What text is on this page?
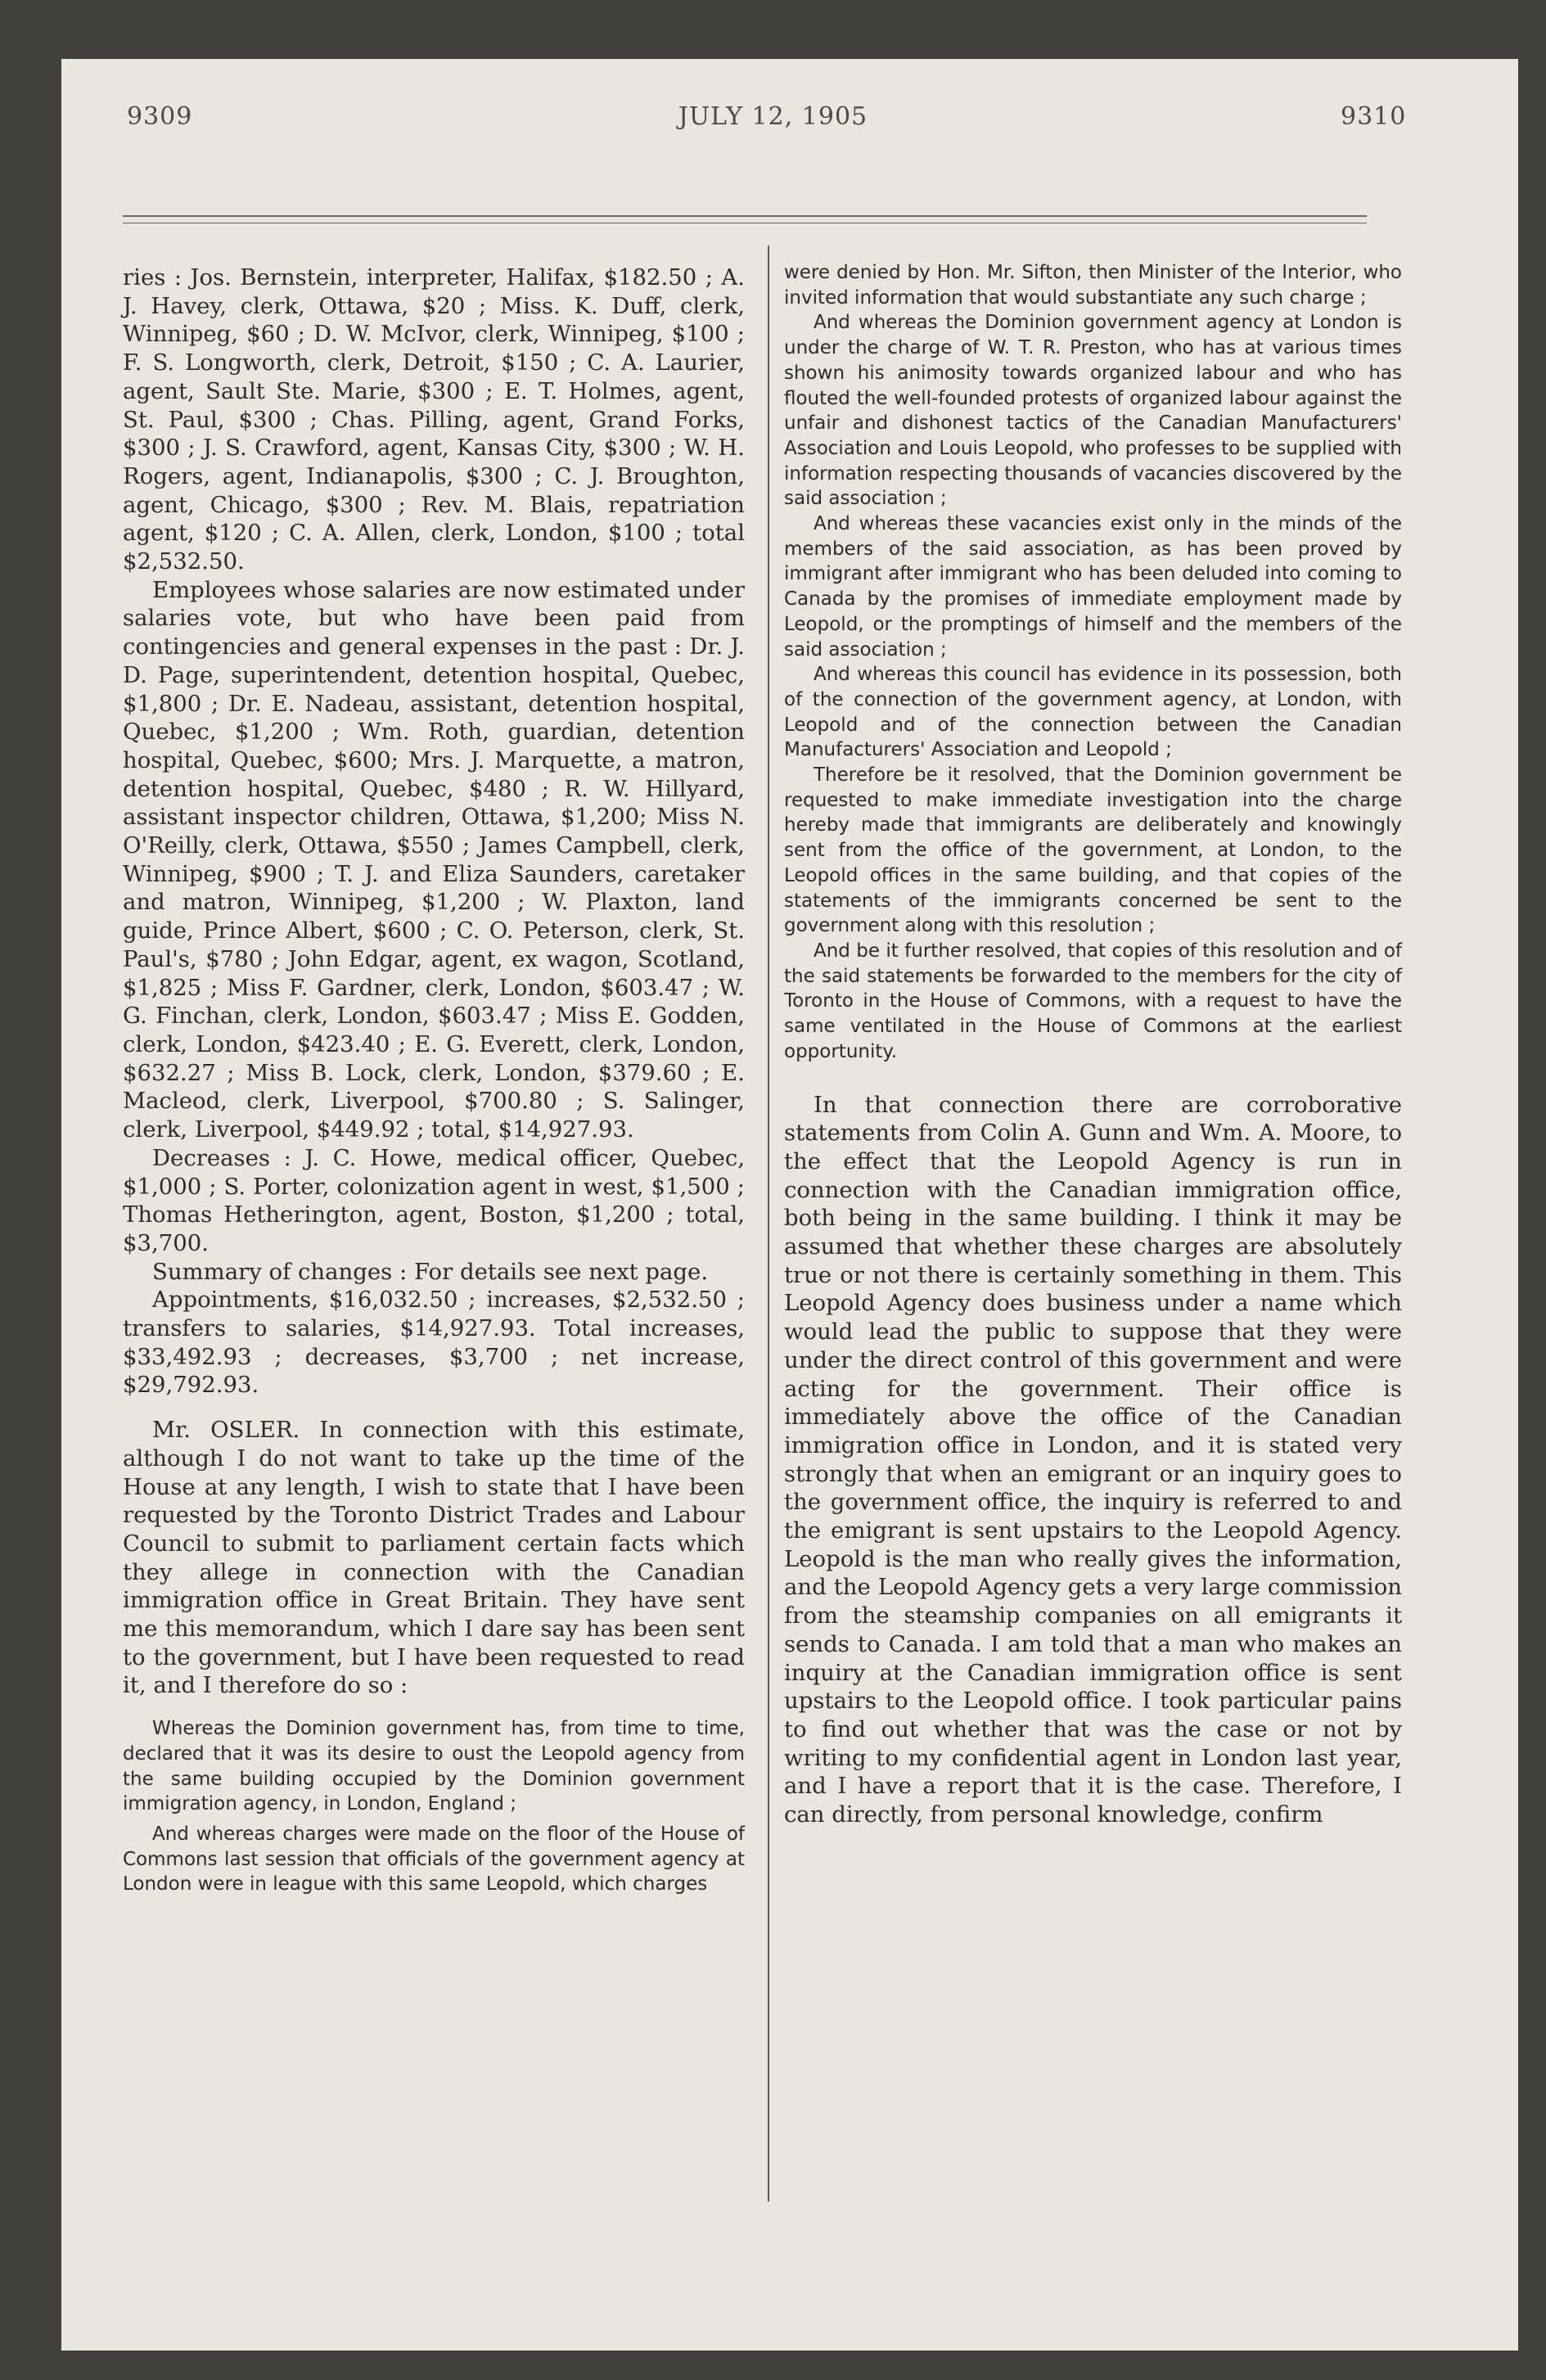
9309	JULY 12, 1905	9310

ries : Jos. Bernstein, interpreter, Halifax, $182.50 ; A. J. Havey, clerk, Ottawa, $20 ; Miss. K. Duff, clerk, Winnipeg, $60 ; D. W. McIvor, clerk, Winnipeg, $100 ; F. S. Longworth, clerk, Detroit, $150 ; C. A. Laurier, agent, Sault Ste. Marie, $300 ; E. T. Holmes, agent, St. Paul, $300 ; Chas. Pilling, agent, Grand Forks, $300 ; J. S. Crawford, agent, Kansas City, $300 ; W. H. Rogers, agent, Indianapolis, $300 ; C. J. Broughton, agent, Chicago, $300 ; Rev. M. Blais, repatriation agent, $120 ; C. A. Allen, clerk, London, $100 ; total $2,532.50.

Employees whose salaries are now estimated under salaries vote, but who have been paid from contingencies and general expenses in the past : Dr. J. D. Page, superintendent, detention hospital, Quebec, $1,800 ; Dr. E. Nadeau, assistant, detention hospital, Quebec, $1,200 ; Wm. Roth, guardian, detention hospital, Quebec, $600; Mrs. J. Marquette, a matron, detention hospital, Quebec, $480 ; R. W. Hillyard, assistant inspector children, Ottawa, $1,200; Miss N. O'Reilly, clerk, Ottawa, $550 ; James Campbell, clerk, Winnipeg, $900 ; T. J. and Eliza Saunders, caretaker and matron, Winnipeg, $1,200 ; W. Plaxton, land guide, Prince Albert, $600 ; C. O. Peterson, clerk, St. Paul's, $780 ; John Edgar, agent, ex wagon, Scotland, $1,825 ; Miss F. Gardner, clerk, London, $603.47 ; W. G. Finchan, clerk, London, $603.47 ; Miss E. Godden, clerk, London, $423.40 ; E. G. Everett, clerk, London, $632.27 ; Miss B. Lock, clerk, London, $379.60 ; E. Macleod, clerk, Liverpool, $700.80 ; S. Salinger, clerk, Liverpool, $449.92 ; total, $14,927.93.

Decreases : J. C. Howe, medical officer, Quebec, $1,000 ; S. Porter, colonization agent in west, $1,500 ; Thomas Hetherington, agent, Boston, $1,200 ; total, $3,700.

Summary of changes : For details see next page.

Appointments, $16,032.50 ; increases, $2,532.50 ; transfers to salaries, $14,927.93. Total increases, $33,492.93 ; decreases, $3,700 ; net increase, $29,792.93.

Mr. OSLER. In connection with this estimate, although I do not want to take up the time of the House at any length, I wish to state that I have been requested by the Toronto District Trades and Labour Council to submit to parliament certain facts which they allege in connection with the Canadian immigration office in Great Britain. They have sent me this memorandum, which I dare say has been sent to the government, but I have been requested to read it, and I therefore do so :

Whereas the Dominion government has, from time to time, declared that it was its desire to oust the Leopold agency from the same building occupied by the Dominion government immigration agency, in London, England ;

And whereas charges were made on the floor of the House of Commons last session that officials of the government agency at London were in league with this same Leopold, which charges

were denied by Hon. Mr. Sifton, then Minister of the Interior, who invited information that would substantiate any such charge ;

And whereas the Dominion government agency at London is under the charge of W. T. R. Preston, who has at various times shown his animosity towards organized labour and who has flouted the well-founded protests of organized labour against the unfair and dishonest tactics of the Canadian Manufacturers' Association and Louis Leopold, who professes to be supplied with information respecting thousands of vacancies discovered by the said association ;

And whereas these vacancies exist only in the minds of the members of the said association, as has been proved by immigrant after immigrant who has been deluded into coming to Canada by the promises of immediate employment made by Leopold, or the promptings of himself and the members of the said association ;

And whereas this council has evidence in its possession, both of the connection of the government agency, at London, with Leopold and of the connection between the Canadian Manufacturers' Association and Leopold ;

Therefore be it resolved, that the Dominion government be requested to make immediate investigation into the charge hereby made that immigrants are deliberately and knowingly sent from the office of the government, at London, to the Leopold offices in the same building, and that copies of the statements of the immigrants concerned be sent to the government along with this resolution ;

And be it further resolved, that copies of this resolution and of the said statements be forwarded to the members for the city of Toronto in the House of Commons, with a request to have the same ventilated in the House of Commons at the earliest opportunity.

In that connection there are corroborative statements from Colin A. Gunn and Wm. A. Moore, to the effect that the Leopold Agency is run in connection with the Canadian immigration office, both being in the same building. I think it may be assumed that whether these charges are absolutely true or not there is certainly something in them. This Leopold Agency does business under a name which would lead the public to suppose that they were under the direct control of this government and were acting for the government. Their office is immediately above the office of the Canadian immigration office in London, and it is stated very strongly that when an emigrant or an inquiry goes to the government office, the inquiry is referred to and the emigrant is sent upstairs to the Leopold Agency. Leopold is the man who really gives the information, and the Leopold Agency gets a very large commission from the steamship companies on all emigrants it sends to Canada. I am told that a man who makes an inquiry at the Canadian immigration office is sent upstairs to the Leopold office. I took particular pains to find out whether that was the case or not by writing to my confidential agent in London last year, and I have a report that it is the case. Therefore, I can directly, from personal knowledge, confirm
